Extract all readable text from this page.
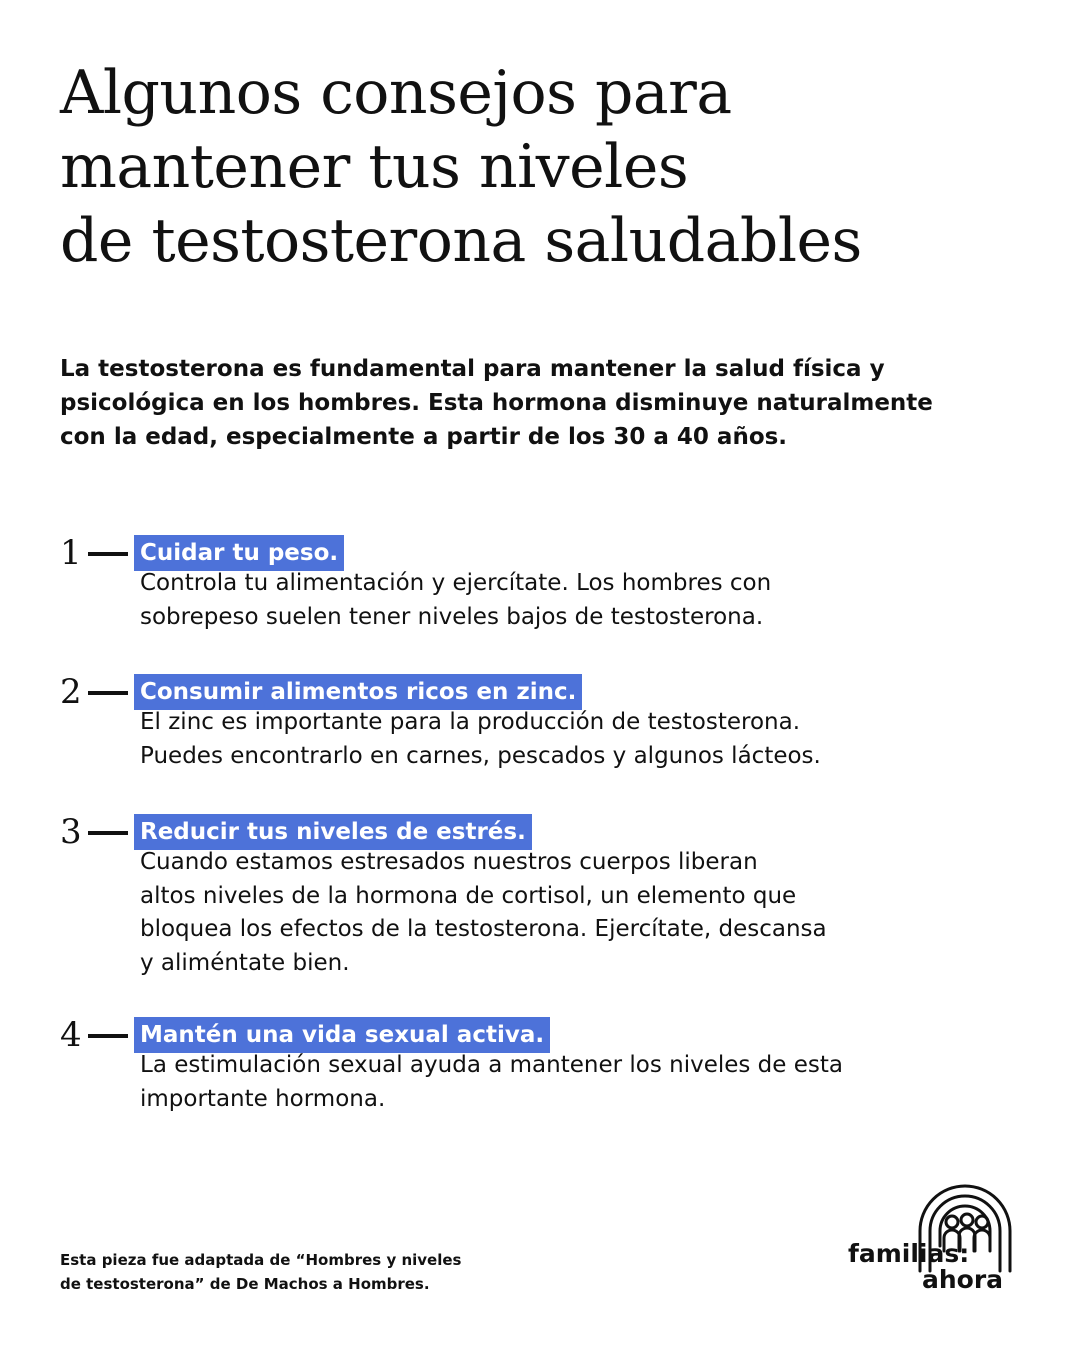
Algunos consejos para
mantener tus niveles
de testosterona saludables

La testosterona es fundamental para mantener la salud física y
psicológica en los hombres. Esta hormona disminuye naturalmente
con la edad, especialmente a partir de los 30 a 40 años.

1	Cuidar tu peso.
Controla tu alimentación y ejercítate. Los hombres con
sobrepeso suelen tener niveles bajos de testosterona.
2	Consumir alimentos ricos en zinc.
El zinc es importante para la producción de testosterona.
Puedes encontrarlo en carnes, pescados y algunos lácteos.
3	Reducir tus niveles de estrés.
Cuando estamos estresados nuestros cuerpos liberan
altos niveles de la hormona de cortisol, un elemento que
bloquea los efectos de la testosterona. Ejercítate, descansa
y aliméntate bien.
4	Mantén una vida sexual activa.
La estimulación sexual ayuda a mantener los niveles de esta
importante hormona.

Esta pieza fue adaptada de “Hombres y niveles
de testosterona” de De Machos a Hombres.

familias:
ahora
